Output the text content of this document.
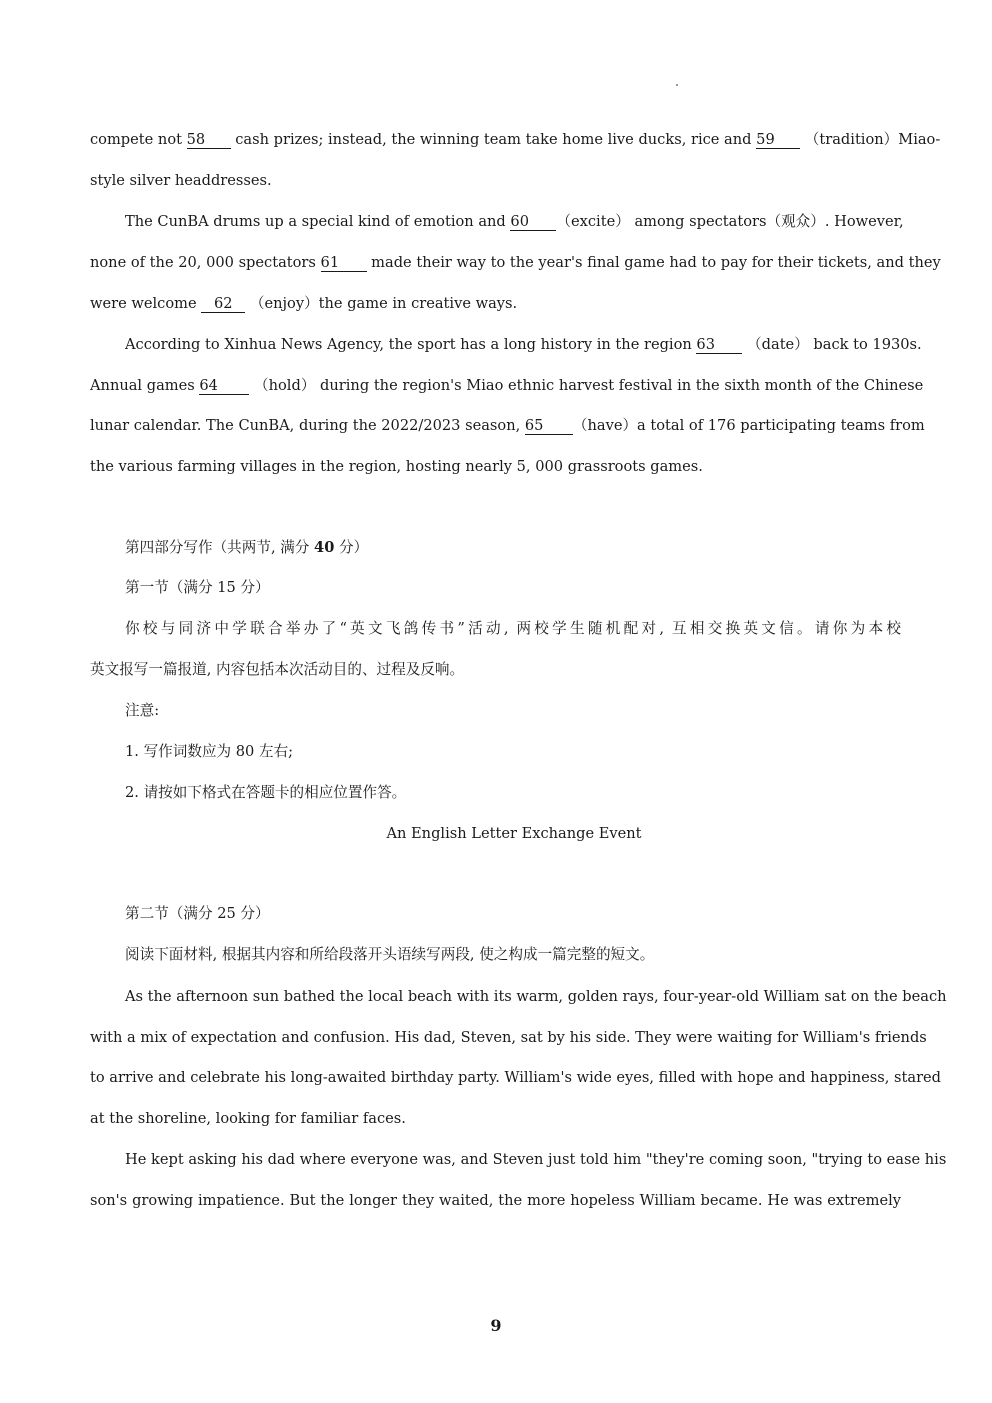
compete not 58 cash prizes; instead, the winning team take home live ducks, rice and 59 （tradition）Miao-

style silver headdresses.

The CunBA drums up a special kind of emotion and 60 （excite） among spectators（观众）. However,

none of the 20, 000 spectators 61 made their way to the year's final game had to pay for their tickets, and they

were welcome 62 （enjoy）the game in creative ways.

According to Xinhua News Agency, the sport has a long history in the region 63 （date） back to 1930s.

Annual games 64 （hold） during the region's Miao ethnic harvest festival in the sixth month of the Chinese

lunar calendar. The CunBA, during the 2022/2023 season, 65 （have）a total of 176 participating teams from

the various farming villages in the region, hosting nearly 5, 000 grassroots games.

第四部分写作（共两节, 满分 40 分）

第一节（满分 15 分）

你校与同济中学联合举办了“英文飞鸽传书”活动, 两校学生随机配对, 互相交换英文信。请你为本校

英文报写一篇报道, 内容包括本次活动目的、过程及反响。

注意:

1. 写作词数应为 80 左右;

2. 请按如下格式在答题卡的相应位置作答。

An English Letter Exchange Event

第二节（满分 25 分）

阅读下面材料, 根据其内容和所给段落开头语续写两段, 使之构成一篇完整的短文。

As the afternoon sun bathed the local beach with its warm, golden rays, four-year-old William sat on the beach

with a mix of expectation and confusion. His dad, Steven, sat by his side. They were waiting for William's friends

to arrive and celebrate his long-awaited birthday party. William's wide eyes, filled with hope and happiness, stared

at the shoreline, looking for familiar faces.

He kept asking his dad where everyone was, and Steven just told him "they're coming soon, "trying to ease his

son's growing impatience. But the longer they waited, the more hopeless William became. He was extremely

9
